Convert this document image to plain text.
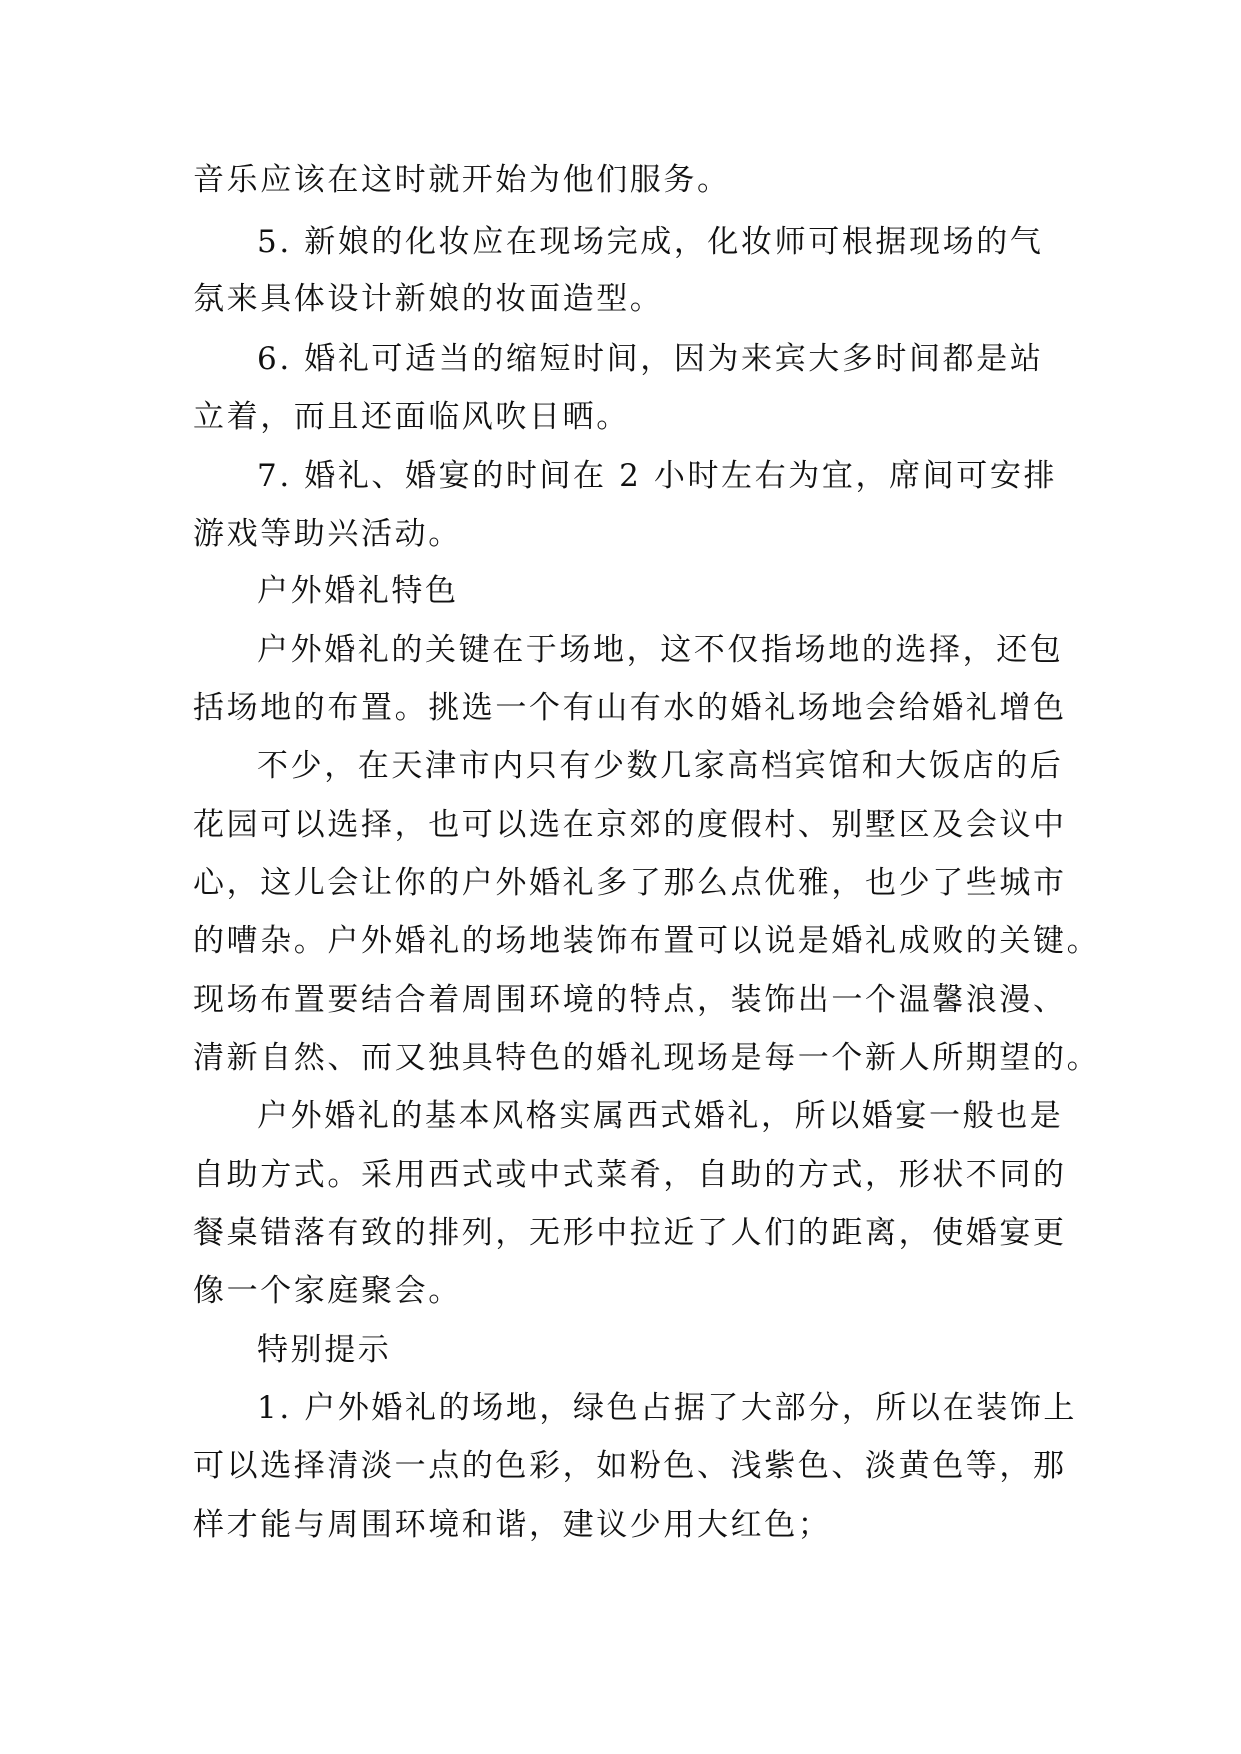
音乐应该在这时就开始为他们服务。
5. 新娘的化妆应在现场完成，化妆师可根据现场的气
氛来具体设计新娘的妆面造型。
6. 婚礼可适当的缩短时间，因为来宾大多时间都是站
立着，而且还面临风吹日晒。
7. 婚礼、婚宴的时间在 2 小时左右为宜，席间可安排
游戏等助兴活动。
户外婚礼特色
户外婚礼的关键在于场地，这不仅指场地的选择，还包
括场地的布置。挑选一个有山有水的婚礼场地会给婚礼增色
不少，在天津市内只有少数几家高档宾馆和大饭店的后
花园可以选择，也可以选在京郊的度假村、别墅区及会议中
心，这儿会让你的户外婚礼多了那么点优雅，也少了些城市
的嘈杂。户外婚礼的场地装饰布置可以说是婚礼成败的关键。
现场布置要结合着周围环境的特点，装饰出一个温馨浪漫、
清新自然、而又独具特色的婚礼现场是每一个新人所期望的。
户外婚礼的基本风格实属西式婚礼，所以婚宴一般也是
自助方式。采用西式或中式菜肴，自助的方式，形状不同的
餐桌错落有致的排列，无形中拉近了人们的距离，使婚宴更
像一个家庭聚会。
特别提示
1. 户外婚礼的场地，绿色占据了大部分，所以在装饰上
可以选择清淡一点的色彩，如粉色、浅紫色、淡黄色等，那
样才能与周围环境和谐，建议少用大红色；
